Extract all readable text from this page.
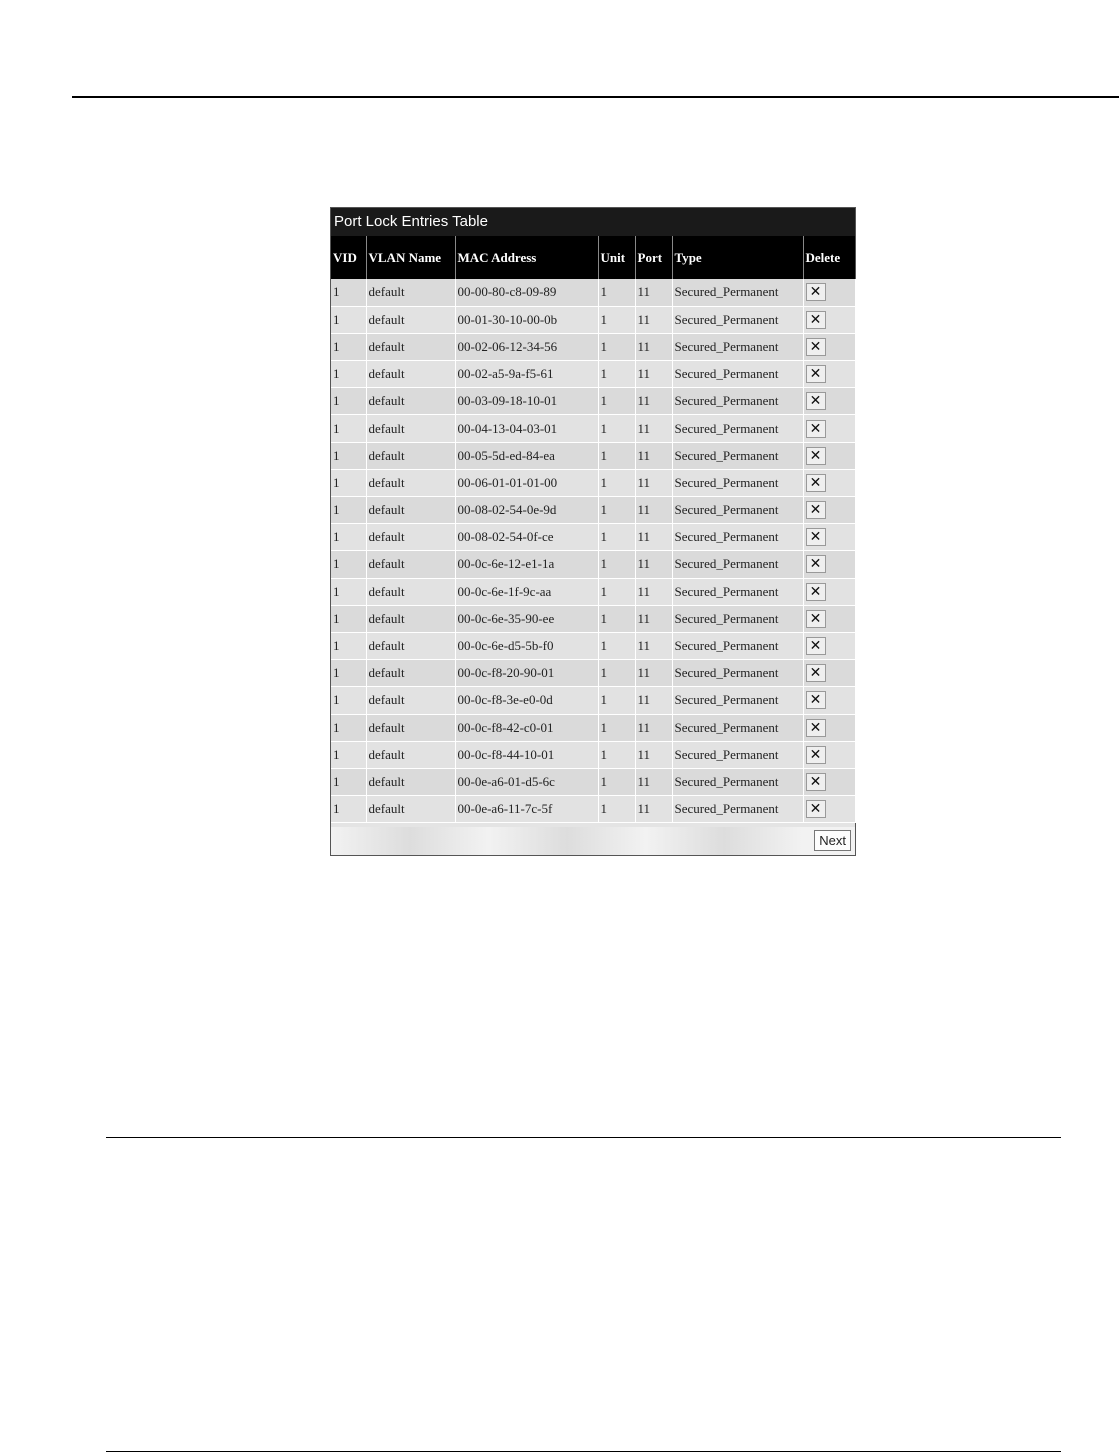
Port Lock Entries Table
VID	VLAN Name	MAC Address	Unit	Port	Type	Delete
1	default	00-00-80-c8-09-89	1	11	Secured_Permanent	✕
1	default	00-01-30-10-00-0b	1	11	Secured_Permanent	✕
1	default	00-02-06-12-34-56	1	11	Secured_Permanent	✕
1	default	00-02-a5-9a-f5-61	1	11	Secured_Permanent	✕
1	default	00-03-09-18-10-01	1	11	Secured_Permanent	✕
1	default	00-04-13-04-03-01	1	11	Secured_Permanent	✕
1	default	00-05-5d-ed-84-ea	1	11	Secured_Permanent	✕
1	default	00-06-01-01-01-00	1	11	Secured_Permanent	✕
1	default	00-08-02-54-0e-9d	1	11	Secured_Permanent	✕
1	default	00-08-02-54-0f-ce	1	11	Secured_Permanent	✕
1	default	00-0c-6e-12-e1-1a	1	11	Secured_Permanent	✕
1	default	00-0c-6e-1f-9c-aa	1	11	Secured_Permanent	✕
1	default	00-0c-6e-35-90-ee	1	11	Secured_Permanent	✕
1	default	00-0c-6e-d5-5b-f0	1	11	Secured_Permanent	✕
1	default	00-0c-f8-20-90-01	1	11	Secured_Permanent	✕
1	default	00-0c-f8-3e-e0-0d	1	11	Secured_Permanent	✕
1	default	00-0c-f8-42-c0-01	1	11	Secured_Permanent	✕
1	default	00-0c-f8-44-10-01	1	11	Secured_Permanent	✕
1	default	00-0e-a6-01-d5-6c	1	11	Secured_Permanent	✕
1	default	00-0e-a6-11-7c-5f	1	11	Secured_Permanent	✕
Next
